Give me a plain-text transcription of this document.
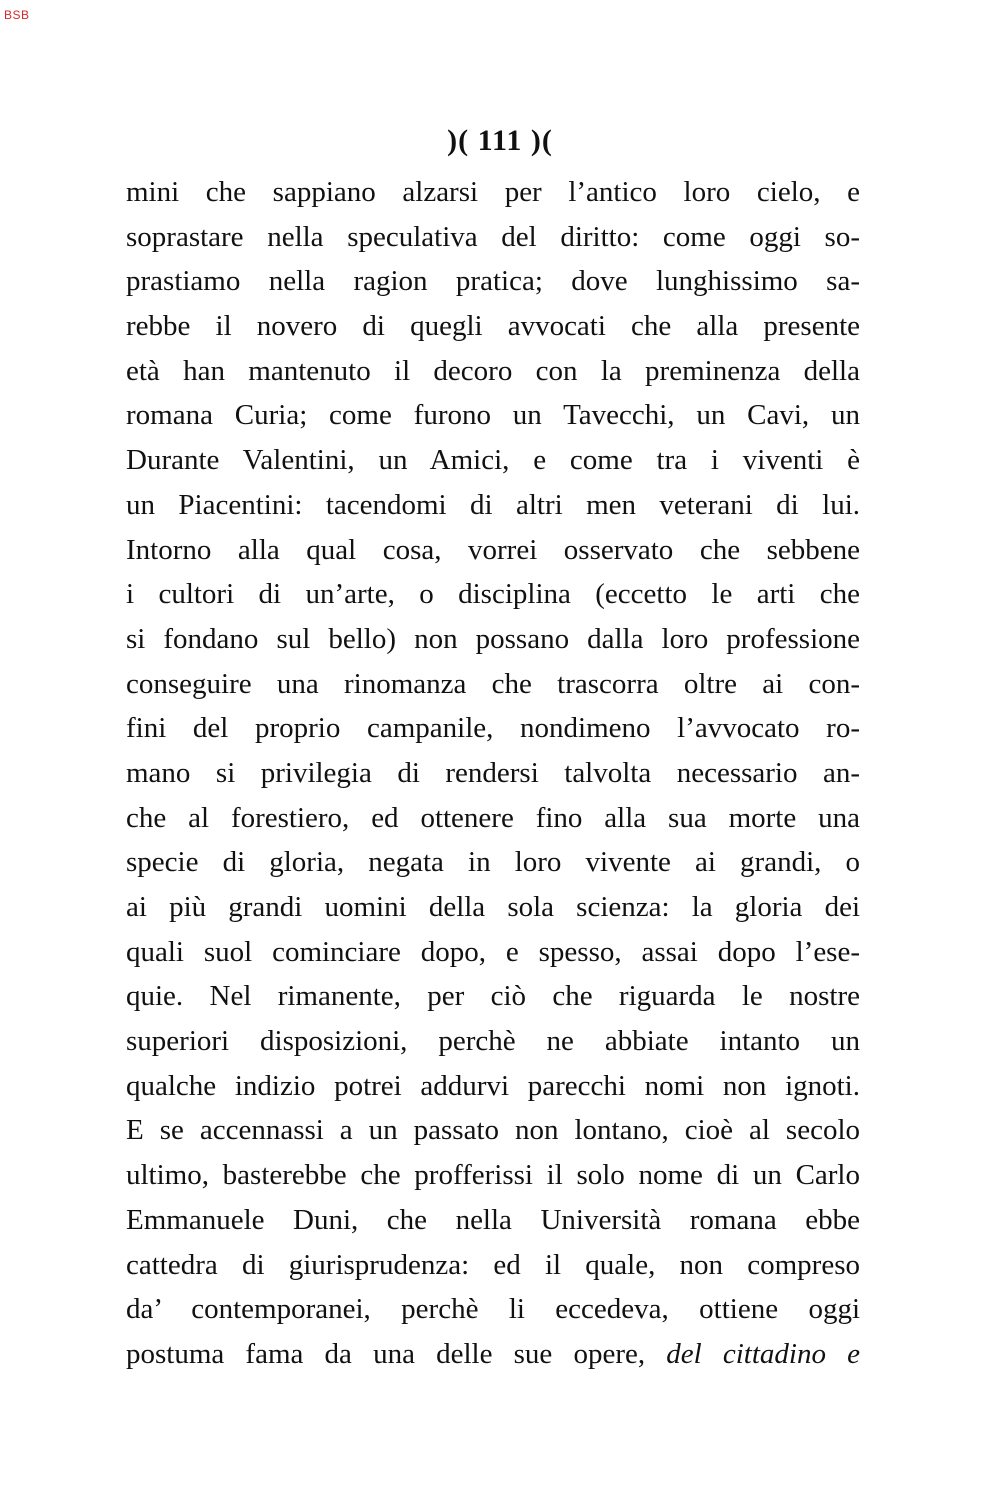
BSB
)( 111 )(
mini che sappiano alzarsi per l’antico loro cielo, e
soprastare nella speculativa del diritto: come oggi so-
prastiamo nella ragion pratica; dove lunghissimo sa-
rebbe il novero di quegli avvocati che alla presente
età han mantenuto il decoro con la preminenza della
romana Curia; come furono un Tavecchi, un Cavi, un
Durante Valentini, un Amici, e come tra i viventi è
un Piacentini: tacendomi di altri men veterani di lui.
Intorno alla qual cosa, vorrei osservato che sebbene
i cultori di un’arte, o disciplina (eccetto le arti che
si fondano sul bello) non possano dalla loro professione
conseguire una rinomanza che trascorra oltre ai con-
fini del proprio campanile, nondimeno l’avvocato ro-
mano si privilegia di rendersi talvolta necessario an-
che al forestiero, ed ottenere fino alla sua morte una
specie di gloria, negata in loro vivente ai grandi, o
ai più grandi uomini della sola scienza: la gloria dei
quali suol cominciare dopo, e spesso, assai dopo l’ese-
quie. Nel rimanente, per ciò che riguarda le nostre
superiori disposizioni, perchè ne abbiate intanto un
qualche indizio potrei addurvi parecchi nomi non ignoti.
E se accennassi a un passato non lontano, cioè al secolo
ultimo, basterebbe che profferissi il solo nome di un Carlo
Emmanuele Duni, che nella Università romana ebbe
cattedra di giurisprudenza: ed il quale, non compreso
da’ contemporanei, perchè li eccedeva, ottiene oggi
postuma fama da una delle sue opere, del cittadino e
